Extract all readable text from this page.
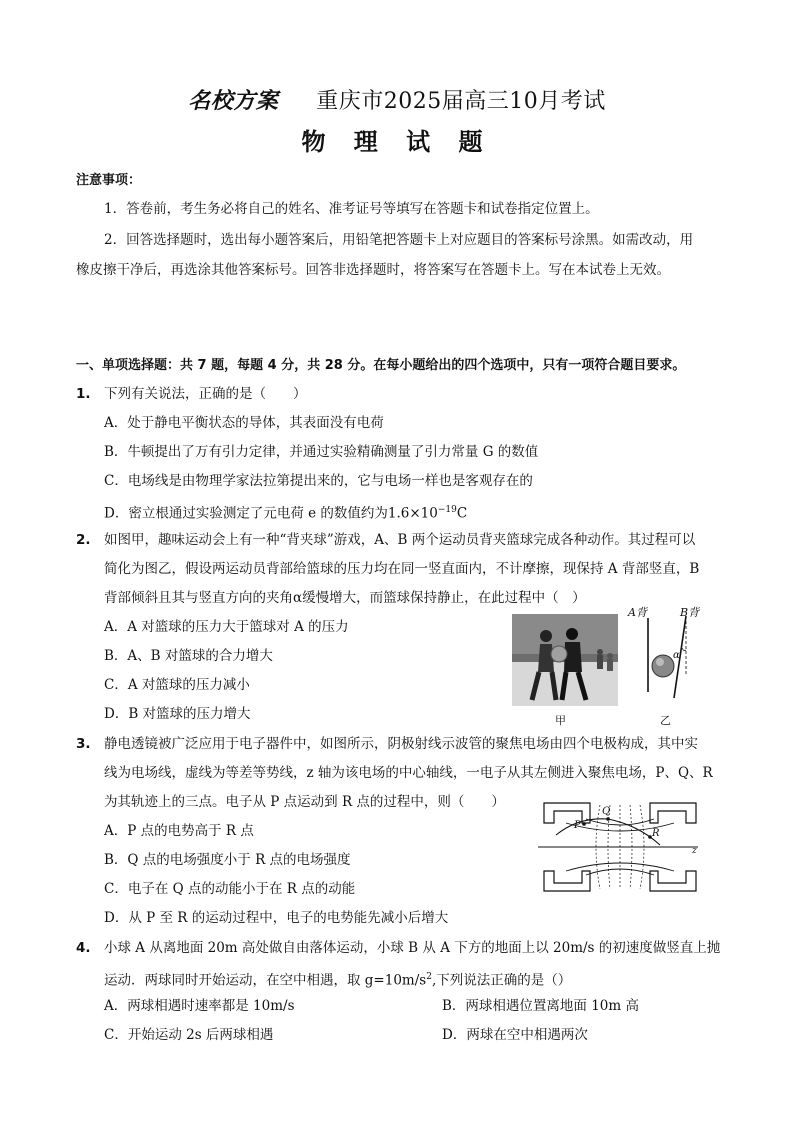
名校方案 重庆市2025届高三10月考试
物 理 试 题
注意事项：
1．答卷前，考生务必将自己的姓名、准考证号等填写在答题卡和试卷指定位置上。
2．回答选择题时，选出每小题答案后，用铅笔把答题卡上对应题目的答案标号涂黑。如需改动，用
橡皮擦干净后，再选涂其他答案标号。回答非选择题时，将答案写在答题卡上。写在本试卷上无效。
一、单项选择题：共 7 题，每题 4 分，共 28 分。在每小题给出的四个选项中，只有一项符合题目要求。
1. 下列有关说法，正确的是（　　）
A．处于静电平衡状态的导体，其表面没有电荷
B．牛顿提出了万有引力定律，并通过实验精确测量了引力常量 G 的数值
C．电场线是由物理学家法拉第提出来的，它与电场一样也是客观存在的
D．密立根通过实验测定了元电荷 e 的数值约为$1.6\times 10^{-19}C$
2. 如图甲，趣味运动会上有一种“背夹球”游戏，A、B 两个运动员背夹篮球完成各种动作。其过程可以
简化为图乙，假设两运动员背部给篮球的压力均在同一竖直面内，不计摩擦，现保持 A 背部竖直，B
背部倾斜且其与竖直方向的夹角α缓慢增大，而篮球保持静止，在此过程中（　）
A．A 对篮球的压力大于篮球对 A 的压力
B．A、B 对篮球的合力增大
C．A 对篮球的压力减小
D．B 对篮球的压力增大	甲
A背	B背
α
乙
3. 静电透镜被广泛应用于电子器件中，如图所示，阴极射线示波管的聚焦电场由四个电极构成，其中实
线为电场线，虚线为等差等势线，z 轴为该电场的中心轴线，一电子从其左侧进入聚焦电场，P、Q、R
为其轨迹上的三点。电子从 P 点运动到 R 点的过程中，则（　　）
A．P 点的电势高于 R 点
B．Q 点的电场强度小于 R 点的电场强度
C．电子在 Q 点的动能小于在 R 点的动能
D．从 P 至 R 的运动过程中，电子的电势能先减小后增大
P
Q
R
z
4. 小球 A 从离地面 20m 高处做自由落体运动，小球 B 从 A 下方的地面上以 20m/s 的初速度做竖直上抛
运动．两球同时开始运动，在空中相遇，取 $g=10m/s^2$,下列说法正确的是（）
A．两球相遇时速率都是 10m/s	B．两球相遇位置离地面 10m 高
C．开始运动 2s 后两球相遇	D．两球在空中相遇两次
